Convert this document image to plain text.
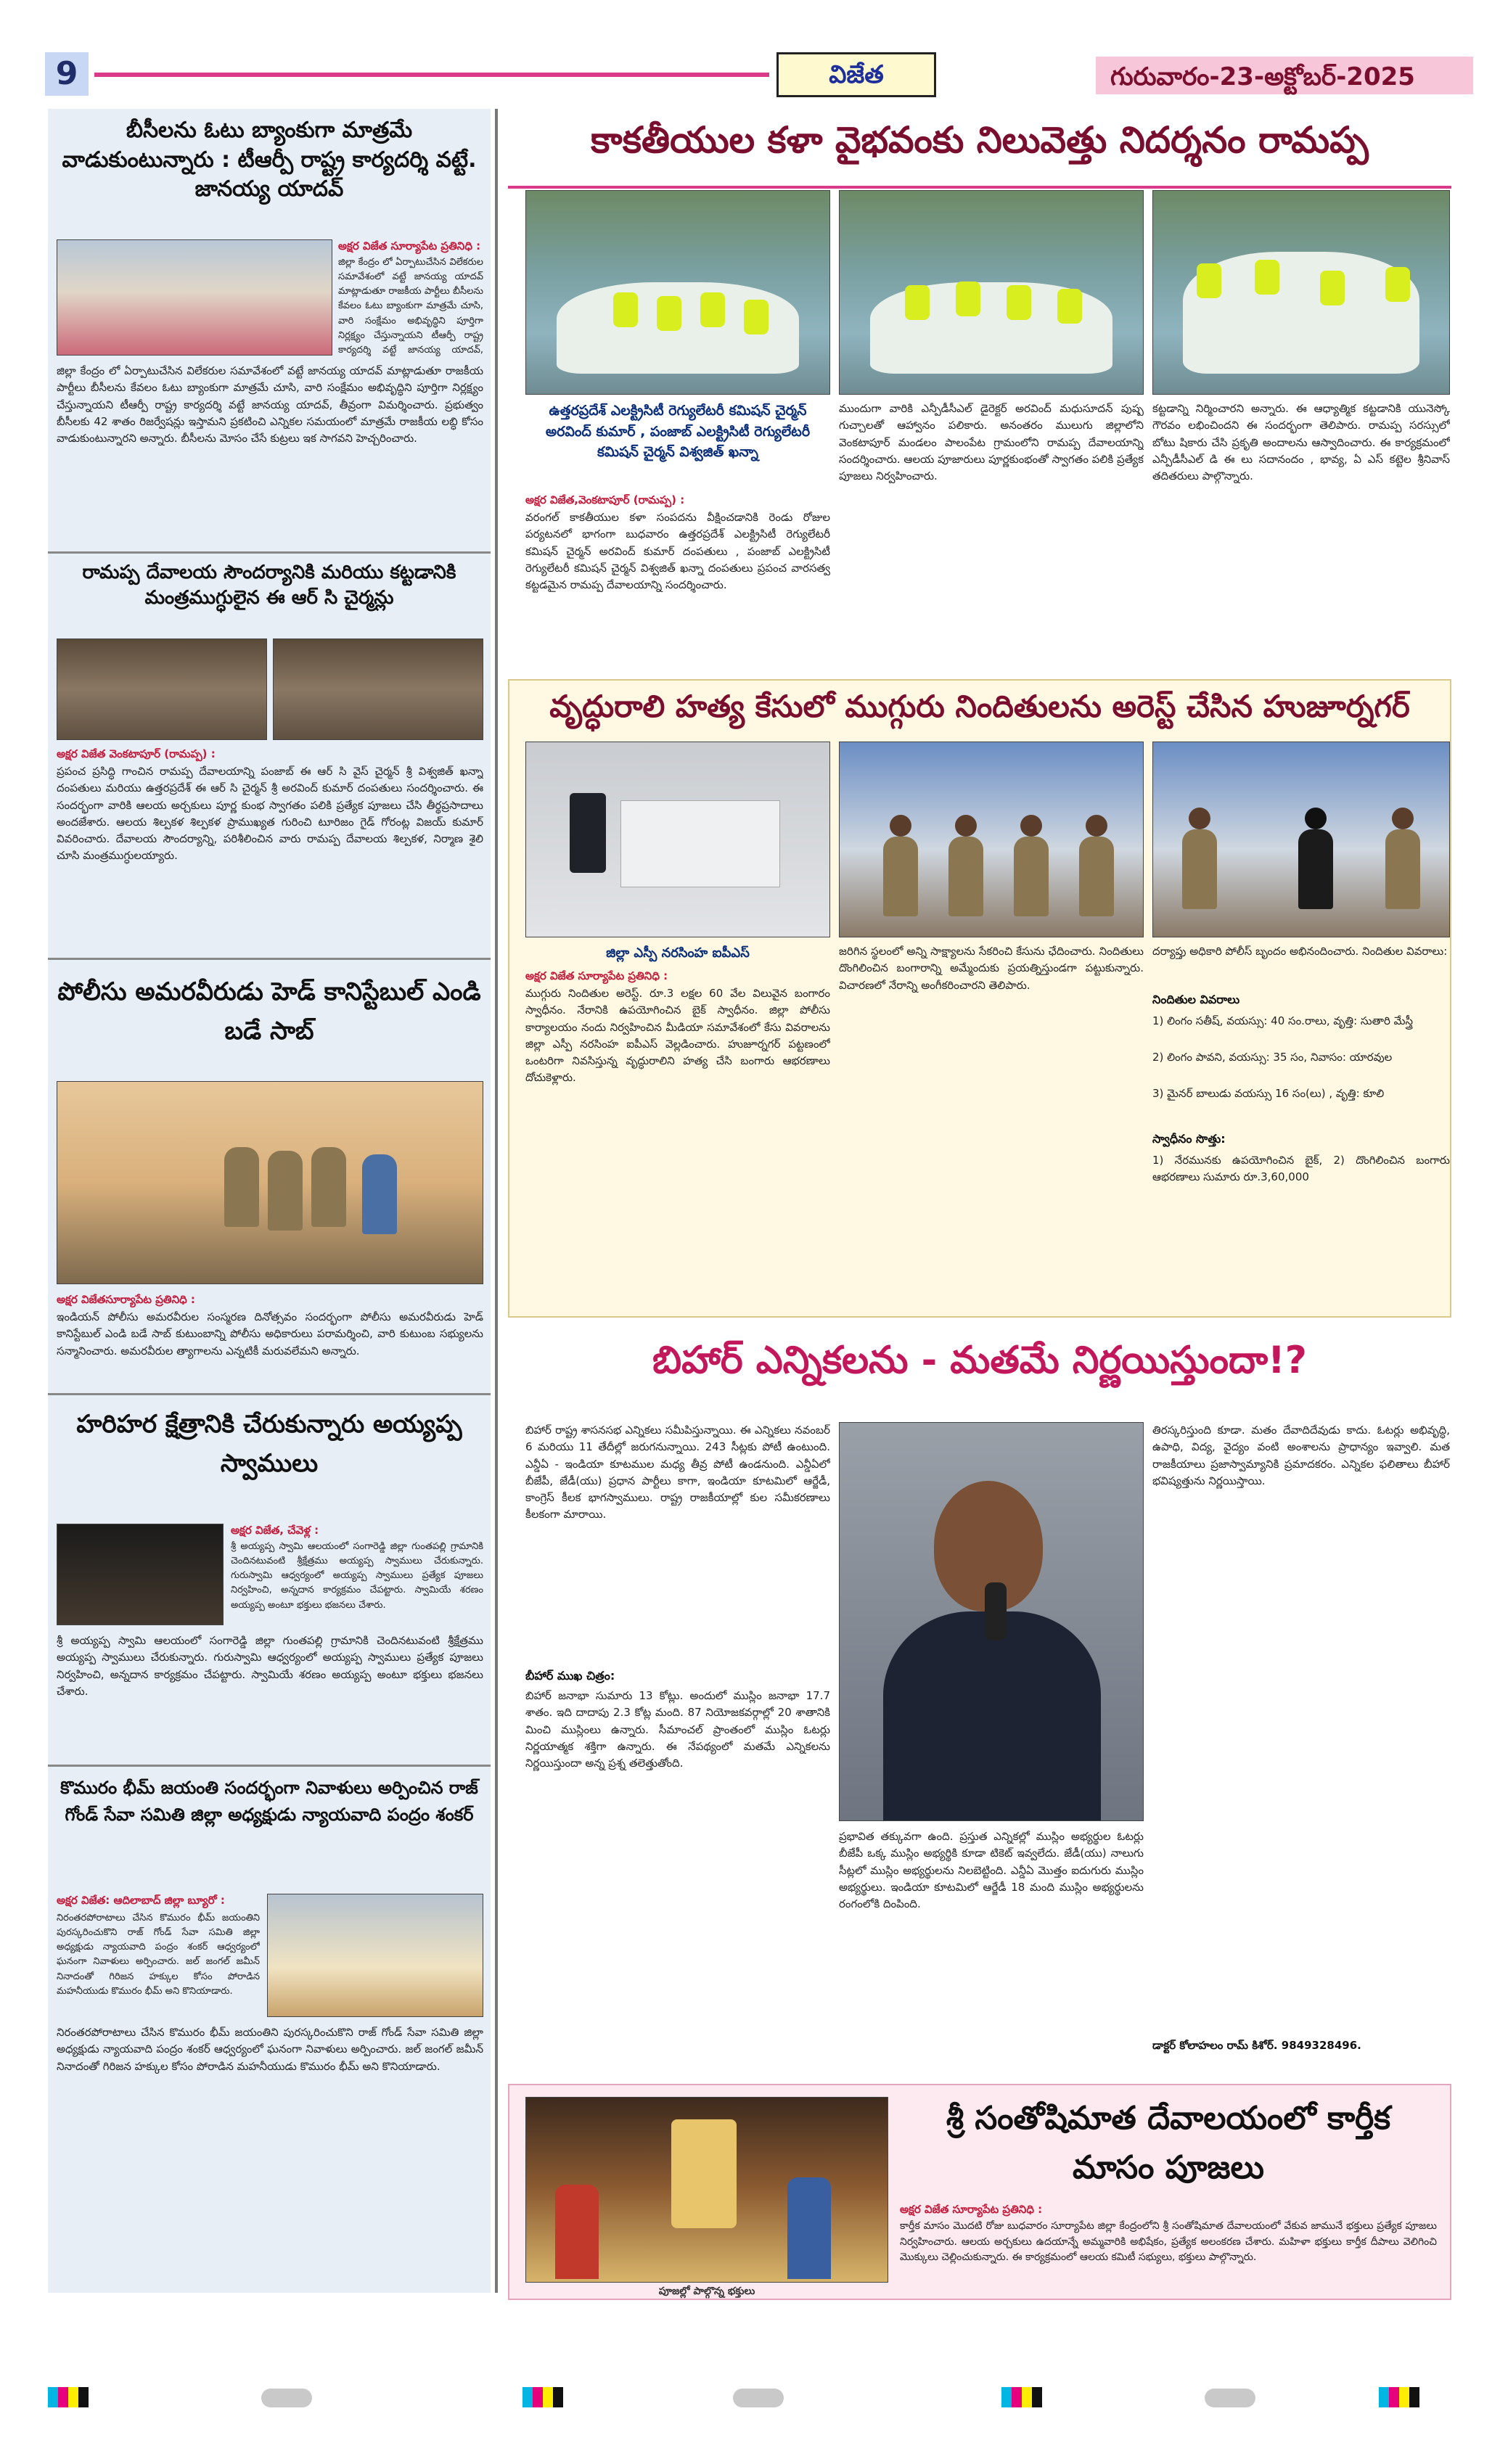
9	విజేత	గురువారం-23-అక్టోబర్-2025
బీసీలను ఓటు బ్యాంకుగా మాత్రమే వాడుకుంటున్నారు : టీఆర్పీ రాష్ట్ర కార్యదర్శి వట్టే. జానయ్య యాదవ్
అక్షర విజేత సూర్యాపేట ప్రతినిధి :
జిల్లా కేంద్రం లో ఏర్పాటుచేసిన విలేకరుల సమావేశంలో వట్టే జానయ్య యాదవ్ మాట్లాడుతూ రాజకీయ పార్టీలు బీసీలను కేవలం ఓటు బ్యాంకుగా మాత్రమే చూసి, వారి సంక్షేమం అభివృద్ధిని పూర్తిగా నిర్లక్ష్యం చేస్తున్నాయని టీఆర్పీ రాష్ట్ర కార్యదర్శి వట్టే జానయ్య యాదవ్,
జిల్లా కేంద్రం లో ఏర్పాటుచేసిన విలేకరుల సమావేశంలో వట్టే జానయ్య యాదవ్ మాట్లాడుతూ రాజకీయ పార్టీలు బీసీలను కేవలం ఓటు బ్యాంకుగా మాత్రమే చూసి, వారి సంక్షేమం అభివృద్ధిని పూర్తిగా నిర్లక్ష్యం చేస్తున్నాయని టీఆర్పీ రాష్ట్ర కార్యదర్శి వట్టే జానయ్య యాదవ్, తీవ్రంగా విమర్శించారు. ప్రభుత్వం బీసీలకు 42 శాతం రిజర్వేషన్లు ఇస్తామని ప్రకటించి ఎన్నికల సమయంలో మాత్రమే రాజకీయ లబ్ధి కోసం వాడుకుంటున్నారని అన్నారు. బీసీలను మోసం చేసే కుట్రలు ఇక సాగవని హెచ్చరించారు.
రామప్ప దేవాలయ సౌందర్యానికి మరియు కట్టడానికి మంత్రముగ్ధులైన ఈ ఆర్ సి చైర్మన్లు
అక్షర విజేత వెంకటాపూర్ (రామప్ప) :
ప్రపంచ ప్రసిద్ధి గాంచిన రామప్ప దేవాలయాన్ని పంజాబ్ ఈ ఆర్ సి వైస్ చైర్మన్ శ్రీ విశ్వజిత్ ఖన్నా దంపతులు మరియు ఉత్తరప్రదేశ్ ఈ ఆర్ సి చైర్మన్ శ్రీ అరవింద్ కుమార్ దంపతులు సందర్శించారు. ఈ సందర్భంగా వారికి ఆలయ అర్చకులు పూర్ణ కుంభ స్వాగతం పలికి ప్రత్యేక పూజలు చేసి తీర్థప్రసాదాలు అందజేశారు. ఆలయ శిల్పకళ శిల్పకళ ప్రాముఖ్యత గురించి టూరిజం గైడ్ గోరంట్ల విజయ్ కుమార్ వివరించారు. దేవాలయ సౌందర్యాన్ని, పరిశీలించిన వారు రామప్ప దేవాలయ శిల్పకళ, నిర్మాణ శైలి చూసి మంత్రముగ్ధులయ్యారు.
పోలీసు అమరవీరుడు హెడ్ కానిస్టేబుల్ ఎండి బడే సాబ్
అక్షర విజేతసూర్యాపేట ప్రతినిధి :
ఇండియన్ పోలీసు అమరవీరుల సంస్మరణ దినోత్సవం సందర్భంగా పోలీసు అమరవీరుడు హెడ్ కానిస్టేబుల్ ఎండి బడే సాబ్ కుటుంబాన్ని పోలీసు అధికారులు పరామర్శించి, వారి కుటుంబ సభ్యులను సన్మానించారు. అమరవీరుల త్యాగాలను ఎన్నటికీ మరువలేమని అన్నారు.
హరిహర క్షేత్రానికి చేరుకున్నారు అయ్యప్ప స్వాములు
అక్షర విజేత, చేవెళ్ల :
శ్రీ అయ్యప్ప స్వామి ఆలయంలో సంగారెడ్డి జిల్లా గుంతపల్లి గ్రామానికి చెందినటువంటి శ్రీక్షేత్రము అయ్యప్ప స్వాములు చేరుకున్నారు. గురుస్వామి ఆధ్వర్యంలో అయ్యప్ప స్వాములు ప్రత్యేక పూజలు నిర్వహించి, అన్నదాన కార్యక్రమం చేపట్టారు. స్వామియే శరణం అయ్యప్ప అంటూ భక్తులు భజనలు చేశారు.
శ్రీ అయ్యప్ప స్వామి ఆలయంలో సంగారెడ్డి జిల్లా గుంతపల్లి గ్రామానికి చెందినటువంటి శ్రీక్షేత్రము అయ్యప్ప స్వాములు చేరుకున్నారు. గురుస్వామి ఆధ్వర్యంలో అయ్యప్ప స్వాములు ప్రత్యేక పూజలు నిర్వహించి, అన్నదాన కార్యక్రమం చేపట్టారు. స్వామియే శరణం అయ్యప్ప అంటూ భక్తులు భజనలు చేశారు.
కొమురం భీమ్ జయంతి సందర్భంగా నివాళులు అర్పించిన రాజ్ గోండ్ సేవా సమితి జిల్లా అధ్యక్షుడు న్యాయవాది పంద్రం శంకర్
అక్షర విజేత: ఆదిలాబాద్ జిల్లా బ్యూరో :
నిరంతరపోరాటాలు చేసిన కొమురం భీమ్ జయంతిని పురస్కరించుకొని రాజ్ గోండ్ సేవా సమితి జిల్లా అధ్యక్షుడు న్యాయవాది పంద్రం శంకర్ ఆధ్వర్యంలో ఘనంగా నివాళులు అర్పించారు. జల్ జంగల్ జమీన్ నినాదంతో గిరిజన హక్కుల కోసం పోరాడిన మహనీయుడు కొమురం భీమ్ అని కొనియాడారు.
నిరంతరపోరాటాలు చేసిన కొమురం భీమ్ జయంతిని పురస్కరించుకొని రాజ్ గోండ్ సేవా సమితి జిల్లా అధ్యక్షుడు న్యాయవాది పంద్రం శంకర్ ఆధ్వర్యంలో ఘనంగా నివాళులు అర్పించారు. జల్ జంగల్ జమీన్ నినాదంతో గిరిజన హక్కుల కోసం పోరాడిన మహనీయుడు కొమురం భీమ్ అని కొనియాడారు.
కాకతీయుల కళా వైభవంకు నిలువెత్తు నిదర్శనం రామప్ప
ఉత్తరప్రదేశ్ ఎలక్ట్రిసిటీ రెగ్యులేటరీ కమిషన్ చైర్మన్ అరవింద్ కుమార్ , పంజాబ్ ఎలక్ట్రిసిటీ రెగ్యులేటరీ కమిషన్ చైర్మన్ విశ్వజిత్ ఖన్నా
అక్షర విజేత,వెంకటాపూర్ (రామప్ప) :
వరంగల్ కాకతీయుల కళా సంపదను వీక్షించడానికి రెండు రోజుల పర్యటనలో భాగంగా బుధవారం ఉత్తరప్రదేశ్ ఎలక్ట్రిసిటీ రెగ్యులేటరీ కమిషన్ చైర్మన్ అరవింద్ కుమార్ దంపతులు , పంజాబ్ ఎలక్ట్రిసిటీ రెగ్యులేటరీ కమిషన్ చైర్మన్ విశ్వజిత్ ఖన్నా దంపతులు ప్రపంచ వారసత్వ కట్టడమైన రామప్ప దేవాలయాన్ని సందర్శించారు.
ముందుగా వారికి ఎన్పీడీసీఎల్ డైరెక్టర్ అరవింద్ మధుసూదన్ పుష్ప గుచ్చాలతో ఆహ్వానం పలికారు. అనంతరం ములుగు జిల్లాలోని వెంకటాపూర్ మండలం పాలంపేట గ్రామంలోని రామప్ప దేవాలయాన్ని సందర్శించారు. ఆలయ పూజారులు పూర్ణకుంభంతో స్వాగతం పలికి ప్రత్యేక పూజలు నిర్వహించారు.
కట్టడాన్ని నిర్మించారని అన్నారు. ఈ ఆధ్యాత్మిక కట్టడానికి యునెస్కో గౌరవం లభించిందని ఈ సందర్భంగా తెలిపారు. రామప్ప సరస్సులో బోటు షికారు చేసి ప్రకృతి అందాలను ఆస్వాదించారు. ఈ కార్యక్రమంలో ఎన్పీడీసీఎల్ డి ఈ లు సదానందం , భావ్య, ఏ ఎస్ కట్టెల శ్రీనివాస్ తదితరులు పాల్గొన్నారు.
వృద్ధురాలి హత్య కేసులో ముగ్గురు నిందితులను అరెస్ట్ చేసిన హుజూర్నగర్
జిల్లా ఎస్పీ నరసింహ ఐపీఎస్
అక్షర విజేత సూర్యాపేట ప్రతినిధి :
ముగ్గురు నిందితుల అరెస్ట్. రూ.3 లక్షల 60 వేల విలువైన బంగారం స్వాధీనం. నేరానికి ఉపయోగించిన బైక్ స్వాధీనం. జిల్లా పోలీసు కార్యాలయం నందు నిర్వహించిన మీడియా సమావేశంలో కేసు వివరాలను జిల్లా ఎస్పీ నరసింహ ఐపీఎస్ వెల్లడించారు. హుజూర్నగర్ పట్టణంలో ఒంటరిగా నివసిస్తున్న వృద్ధురాలిని హత్య చేసి బంగారు ఆభరణాలు దోచుకెళ్లారు.
జరిగిన స్థలంలో అన్ని సాక్ష్యాలను సేకరించి కేసును ఛేదించారు. నిందితులు దొంగిలించిన బంగారాన్ని అమ్మేందుకు ప్రయత్నిస్తుండగా పట్టుకున్నారు. విచారణలో నేరాన్ని అంగీకరించారని తెలిపారు.
దర్యాప్తు అధికారి పోలీస్ బృందం అభినందించారు. నిందితుల వివరాలు:
నిందితుల వివరాలు
1) లింగం సతీష్, వయస్సు: 40 సం.రాలు, వృత్తి: సుతారి మేస్త్రీ
2) లింగం పావని, వయస్సు: 35 సం, నివాసం: యారవుల
3) మైనర్ బాలుడు వయస్సు 16 సం(లు) , వృత్తి: కూలి
స్వాధీనం సొత్తు:
1) నేరమునకు ఉపయోగించిన బైక్, 2) దొంగిలించిన బంగారు ఆభరణాలు సుమారు రూ.3,60,000
బిహార్ ఎన్నికలను - మతమే నిర్ణయిస్తుందా!?
బిహార్ రాష్ట్ర శాసనసభ ఎన్నికలు సమీపిస్తున్నాయి. ఈ ఎన్నికలు నవంబర్ 6 మరియు 11 తేదీల్లో జరుగనున్నాయి. 243 సీట్లకు పోటీ ఉంటుంది. ఎన్డీఏ - ఇండియా కూటముల మధ్య తీవ్ర పోటీ ఉండనుంది. ఎన్డీఏలో బీజేపీ, జేడీ(యు) ప్రధాన పార్టీలు కాగా, ఇండియా కూటమిలో ఆర్జేడీ, కాంగ్రెస్ కీలక భాగస్వాములు. రాష్ట్ర రాజకీయాల్లో కుల సమీకరణాలు కీలకంగా మారాయి.
బీహార్ ముఖ చిత్రం:
బిహార్ జనాభా సుమారు 13 కోట్లు. అందులో ముస్లిం జనాభా 17.7 శాతం. ఇది దాదాపు 2.3 కోట్ల మంది. 87 నియోజకవర్గాల్లో 20 శాతానికి మించి ముస్లింలు ఉన్నారు. సీమాంచల్ ప్రాంతంలో ముస్లిం ఓటర్లు నిర్ణయాత్మక శక్తిగా ఉన్నారు. ఈ నేపథ్యంలో మతమే ఎన్నికలను నిర్ణయిస్తుందా అన్న ప్రశ్న తలెత్తుతోంది.
ప్రభావిత తక్కువగా ఉంది. ప్రస్తుత ఎన్నికల్లో ముస్లిం అభ్యర్థుల ఓటర్లు బీజేపీ ఒక్క ముస్లిం అభ్యర్థికి కూడా టికెట్ ఇవ్వలేదు. జేడీ(యు) నాలుగు సీట్లలో ముస్లిం అభ్యర్థులను నిలబెట్టింది. ఎన్డీఏ మొత్తం ఐదుగురు ముస్లిం అభ్యర్థులు. ఇండియా కూటమిలో ఆర్జేడీ 18 మంది ముస్లిం అభ్యర్థులను రంగంలోకి దింపింది.
తిరస్కరిస్తుంది కూడా. మతం దేవాదిదేవుడు కాదు. ఓటర్లు అభివృద్ధి, ఉపాధి, విద్య, వైద్యం వంటి అంశాలను ప్రాధాన్యం ఇవ్వాలి. మత రాజకీయాలు ప్రజాస్వామ్యానికి ప్రమాదకరం. ఎన్నికల ఫలితాలు బీహార్ భవిష్యత్తును నిర్ణయిస్తాయి.
డాక్టర్ కోలాహలం రామ్ కిశోర్. 9849328496.
పూజల్లో పాల్గొన్న భక్తులు
శ్రీ సంతోషిమాత దేవాలయంలో కార్తీక మాసం పూజలు
అక్షర విజేత సూర్యాపేట ప్రతినిధి :
కార్తీక మాసం మొదటి రోజు బుధవారం సూర్యాపేట జిల్లా కేంద్రంలోని శ్రీ సంతోషిమాత దేవాలయంలో వేకువ జామునే భక్తులు ప్రత్యేక పూజలు నిర్వహించారు. ఆలయ అర్చకులు ఉదయాన్నే అమ్మవారికి అభిషేకం, ప్రత్యేక అలంకరణ చేశారు. మహిళా భక్తులు కార్తీక దీపాలు వెలిగించి మొక్కులు చెల్లించుకున్నారు. ఈ కార్యక్రమంలో ఆలయ కమిటీ సభ్యులు, భక్తులు పాల్గొన్నారు.
